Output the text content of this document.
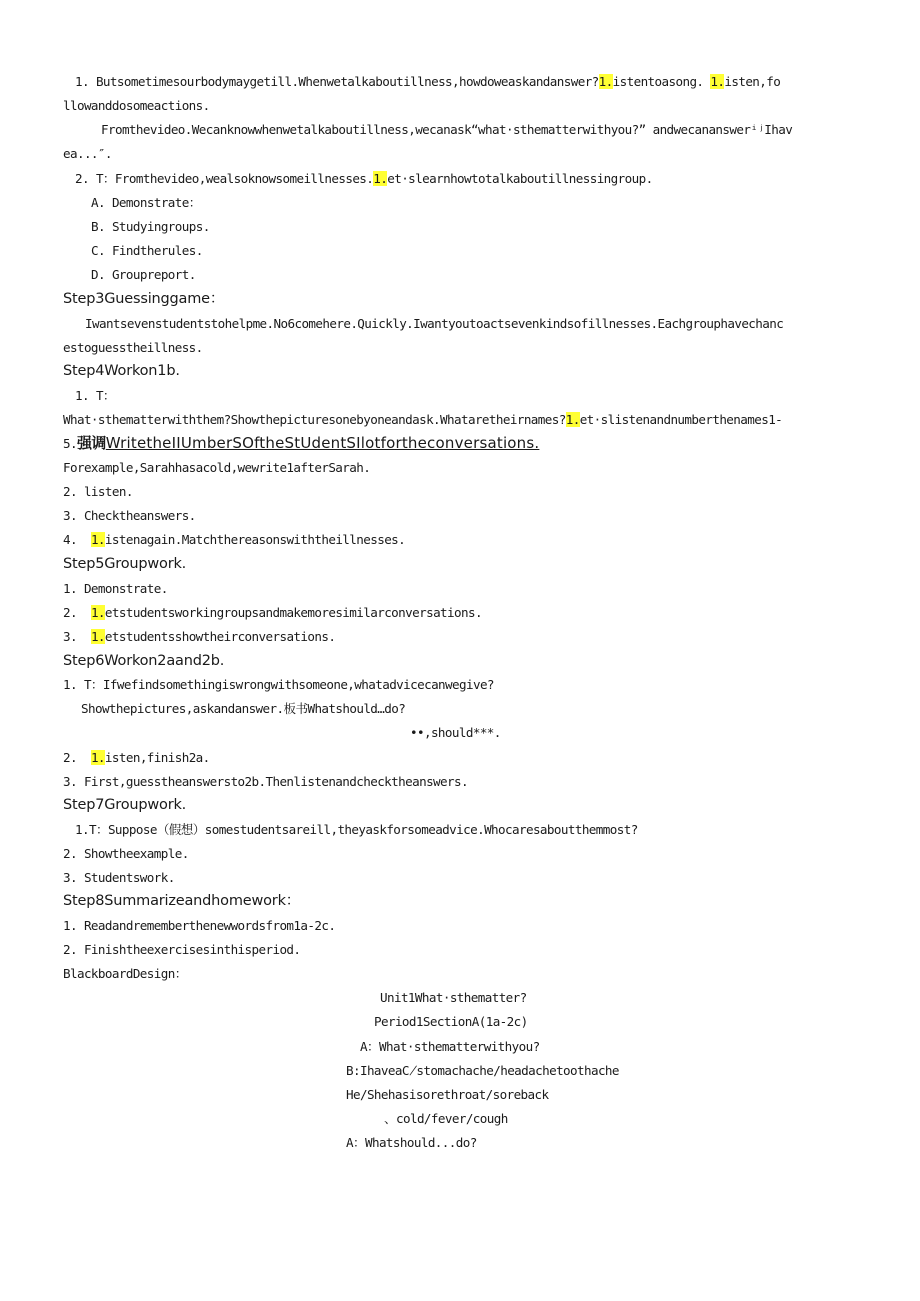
1. Butsometimesourbodymaygetill.Whenwetalkaboutillness,howdoweaskandanswer?1.istentoasong. 1.isten,fo
llowanddosomeactions.
Fromthevideo.Wecanknowwhenwetalkaboutillness,wecanask“what·sthematterwithyou?” andwecananswerⁱʲIhav
ea...″.
2. T：Fromthevideo,wealsoknowsomeillnesses.1.et·slearnhowtotalkaboutillnessingroup.
A. Demonstrate：
B. Studyingroups.
C. Findtherules.
D. Groupreport.
Step3Guessinggame：
Iwantsevenstudentstohelpme.No6comehere.Quickly.Iwantyoutoactsevenkindsofillnesses.Eachgrouphavechanc
estoguesstheillness.
Step4Workon1b.
1. T：
What·sthematterwiththem?Showthepicturesonebyoneandask.Whataretheirnames?1.et·slistenandnumberthenames1-
5.强调WritetheIIUmberSOftheStUdentSIlotfortheconversations.
Forexample,Sarahhasacold,wewrite1afterSarah.
2. listen.
3. Checktheanswers.
4. 1.istenagain.Matchthereasonswiththeillnesses.
Step5Groupwork.
1. Demonstrate.
2. 1.etstudentsworkingroupsandmakemoresimilarconversations.
3. 1.etstudentsshowtheirconversations.
Step6Workon2aand2b.
1. T：Ifwefindsomethingiswrongwithsomeone,whatadvicecanwegive?
Showthepictures,askandanswer.板书Whatshould…do?
••,should***.
2. 1.isten,finish2a.
3. First,guesstheanswersto2b.Thenlistenandchecktheanswers.
Step7Groupwork.
1.T：Suppose（假想）somestudentsareill,theyaskforsomeadvice.Whocaresaboutthemmost?
2. Showtheexample.
3. Studentswork.
Step8Summarizeandhomework：
1. Readandrememberthenewwordsfrom1a-2c.
2. Finishtheexercisesinthisperiod.
BlackboardDesign：
Unit1What·sthematter?
Period1SectionA(1a-2c)
A：What·sthematterwithyou?
B:IhaveaC̸stomachache/headachetoothache
He/Shehasisorethroat/soreback
、cold/fever/cough
A：Whatshould...do?
